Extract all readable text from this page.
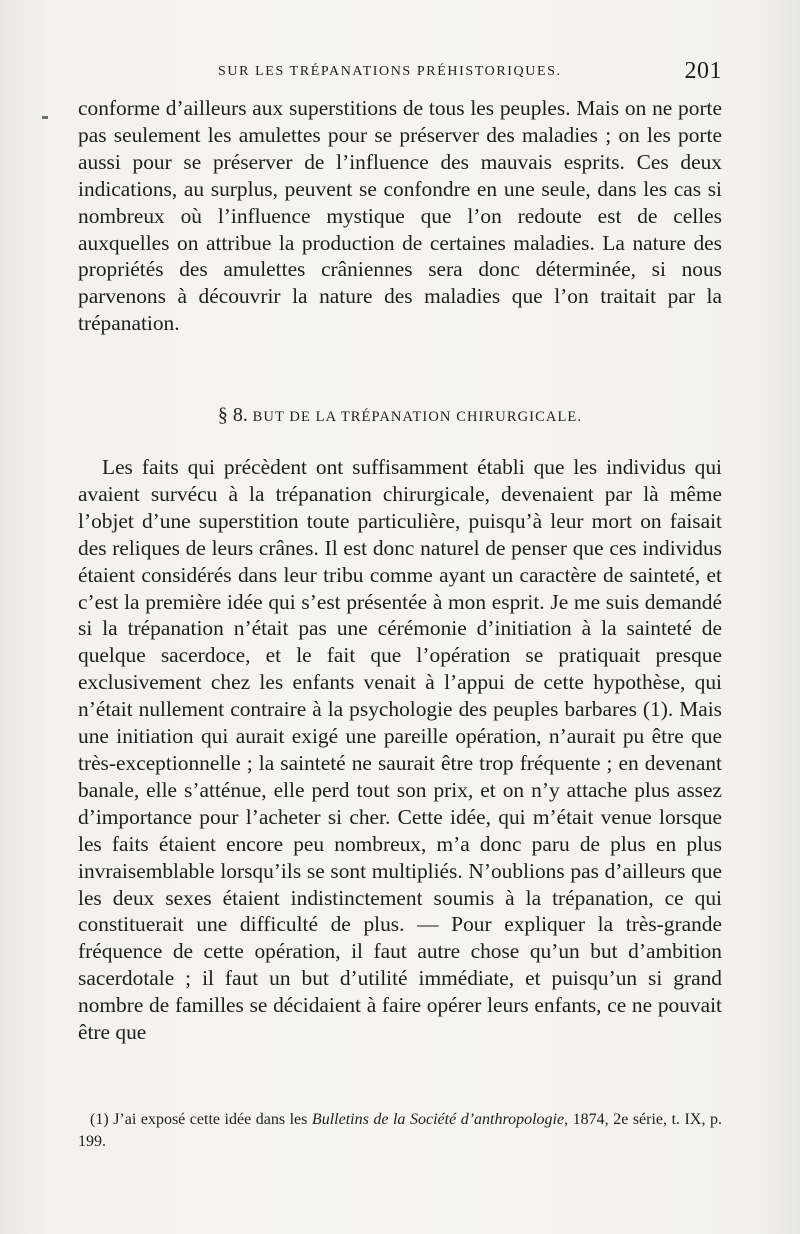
SUR LES TRÉPANATIONS PRÉHISTORIQUES.	201

conforme d’ailleurs aux superstitions de tous les peuples. Mais on ne porte pas seulement les amulettes pour se préserver des maladies ; on les porte aussi pour se préserver de l’influence des mauvais esprits. Ces deux indications, au surplus, peuvent se confondre en une seule, dans les cas si nombreux où l’influence mystique que l’on redoute est de celles auxquelles on attribue la production de certaines maladies. La nature des propriétés des amulettes crâniennes sera donc déterminée, si nous parvenons à découvrir la nature des maladies que l’on traitait par la trépanation.

§ 8. BUT DE LA TRÉPANATION CHIRURGICALE.

Les faits qui précèdent ont suffisamment établi que les individus qui avaient survécu à la trépanation chirurgicale, devenaient par là même l’objet d’une superstition toute particulière, puisqu’à leur mort on faisait des reliques de leurs crânes. Il est donc naturel de penser que ces individus étaient considérés dans leur tribu comme ayant un caractère de sainteté, et c’est la première idée qui s’est présentée à mon esprit. Je me suis demandé si la trépanation n’était pas une cérémonie d’initiation à la sainteté de quelque sacerdoce, et le fait que l’opération se pratiquait presque exclusivement chez les enfants venait à l’appui de cette hypothèse, qui n’était nullement contraire à la psychologie des peuples barbares (1). Mais une initiation qui aurait exigé une pareille opération, n’aurait pu être que très-exceptionnelle ; la sainteté ne saurait être trop fréquente ; en devenant banale, elle s’atténue, elle perd tout son prix, et on n’y attache plus assez d’importance pour l’acheter si cher. Cette idée, qui m’était venue lorsque les faits étaient encore peu nombreux, m’a donc paru de plus en plus invraisemblable lorsqu’ils se sont multipliés. N’oublions pas d’ailleurs que les deux sexes étaient indistinctement soumis à la trépanation, ce qui constituerait une difficulté de plus. — Pour expliquer la très-grande fréquence de cette opération, il faut autre chose qu’un but d’ambition sacerdotale ; il faut un but d’utilité immédiate, et puisqu’un si grand nombre de familles se décidaient à faire opérer leurs enfants, ce ne pouvait être que

(1) J’ai exposé cette idée dans les Bulletins de la Société d’anthropologie, 1874, 2e série, t. IX, p. 199.
